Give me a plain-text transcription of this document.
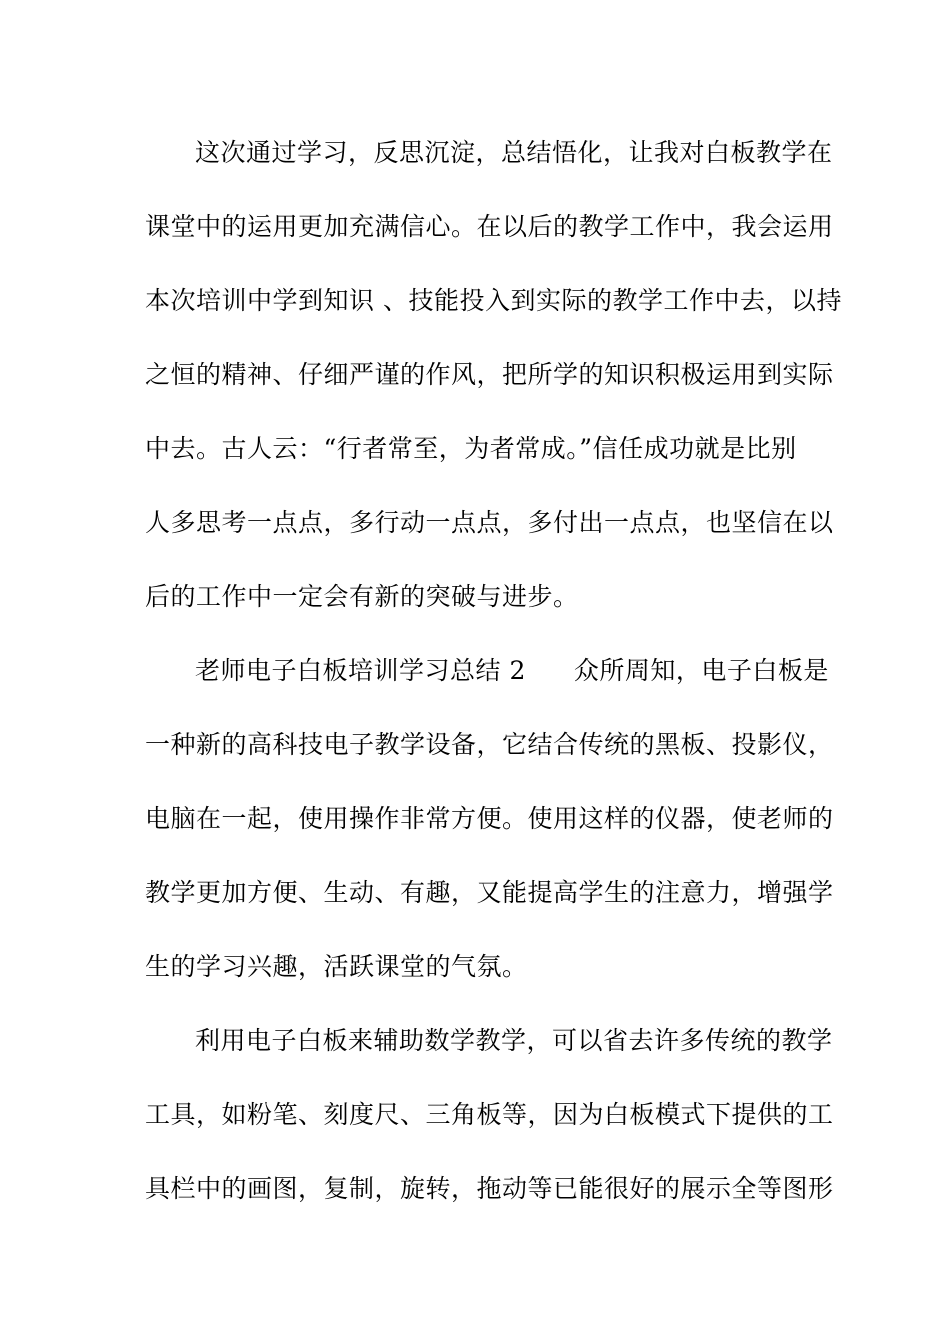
这次通过学习，反思沉淀，总结悟化，让我对白板教学在
课堂中的运用更加充满信心。在以后的教学工作中，我会运用
本次培训中学到知识 、技能投入到实际的教学工作中去，以持
之恒的精神、仔细严谨的作风，把所学的知识积极运用到实际
中去。古人云：“行者常至，为者常成。”信任成功就是比别
人多思考一点点，多行动一点点，多付出一点点，也坚信在以
后的工作中一定会有新的突破与进步。
老师电子白板培训学习总结 2 众所周知，电子白板是
一种新的高科技电子教学设备，它结合传统的黑板、投影仪，
电脑在一起，使用操作非常方便。使用这样的仪器，使老师的
教学更加方便、生动、有趣，又能提高学生的注意力，增强学
生的学习兴趣，活跃课堂的气氛。
利用电子白板来辅助数学教学，可以省去许多传统的教学
工具，如粉笔、刻度尺、三角板等，因为白板模式下提供的工
具栏中的画图，复制，旋转，拖动等已能很好的展示全等图形
